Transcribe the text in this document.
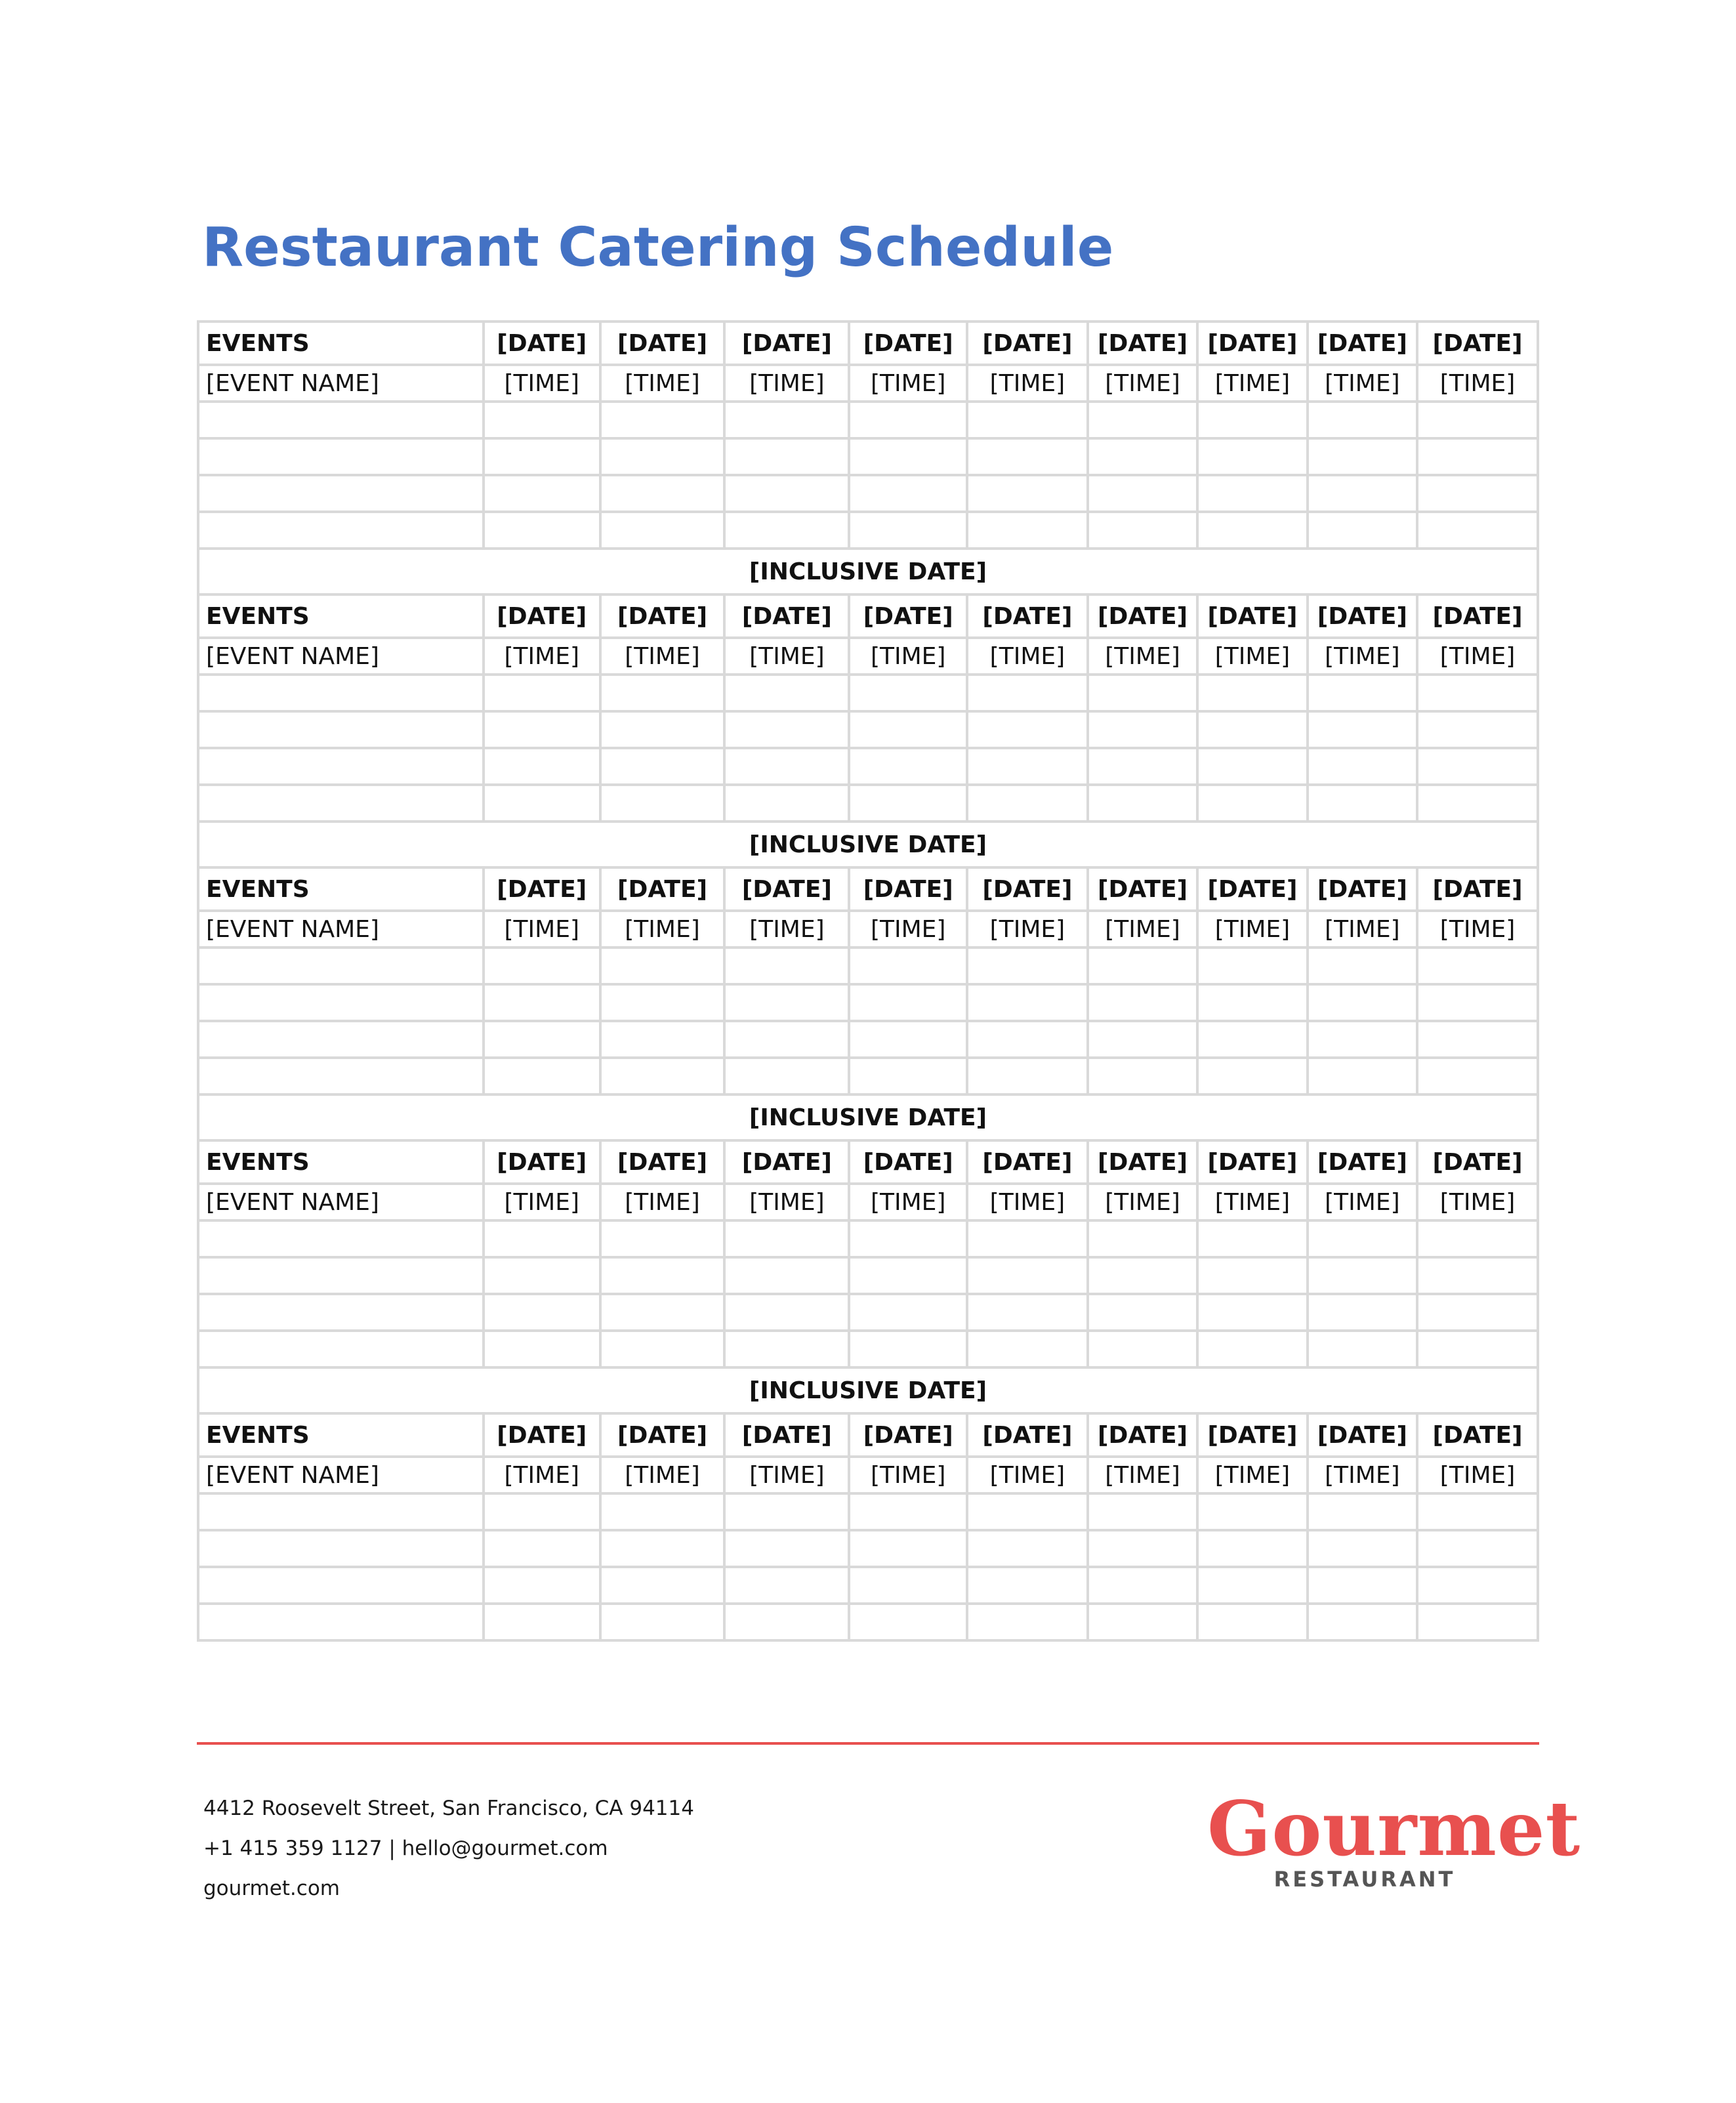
Restaurant Catering Schedule
EVENTS	[DATE]	[DATE]	[DATE]	[DATE]	[DATE]	[DATE]	[DATE]	[DATE]	[DATE]
[EVENT NAME]	[TIME]	[TIME]	[TIME]	[TIME]	[TIME]	[TIME]	[TIME]	[TIME]	[TIME]

[INCLUSIVE DATE]									
EVENTS	[DATE]	[DATE]	[DATE]	[DATE]	[DATE]	[DATE]	[DATE]	[DATE]	[DATE]
[EVENT NAME]	[TIME]	[TIME]	[TIME]	[TIME]	[TIME]	[TIME]	[TIME]	[TIME]	[TIME]

[INCLUSIVE DATE]									
EVENTS	[DATE]	[DATE]	[DATE]	[DATE]	[DATE]	[DATE]	[DATE]	[DATE]	[DATE]
[EVENT NAME]	[TIME]	[TIME]	[TIME]	[TIME]	[TIME]	[TIME]	[TIME]	[TIME]	[TIME]

[INCLUSIVE DATE]									
EVENTS	[DATE]	[DATE]	[DATE]	[DATE]	[DATE]	[DATE]	[DATE]	[DATE]	[DATE]
[EVENT NAME]	[TIME]	[TIME]	[TIME]	[TIME]	[TIME]	[TIME]	[TIME]	[TIME]	[TIME]

[INCLUSIVE DATE]									
EVENTS	[DATE]	[DATE]	[DATE]	[DATE]	[DATE]	[DATE]	[DATE]	[DATE]	[DATE]
[EVENT NAME]	[TIME]	[TIME]	[TIME]	[TIME]	[TIME]	[TIME]	[TIME]	[TIME]	[TIME]

4412 Roosevelt Street, San Francisco, CA 94114
+1 415 359 1127 | hello@gourmet.com
gourmet.com
Gourmet
RESTAURANT
